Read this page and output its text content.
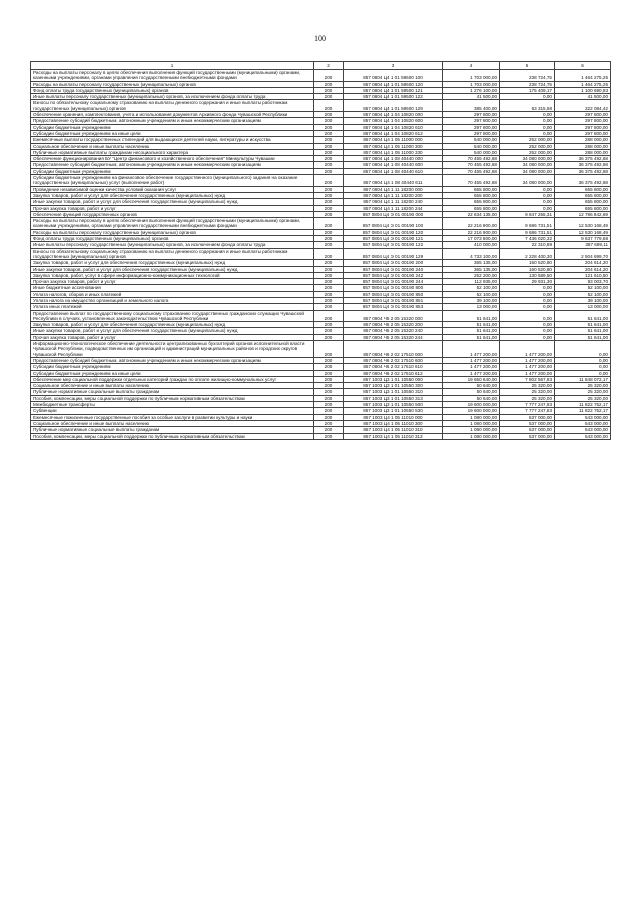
100
1	2	3	4	5	6
Расходы на выплаты персоналу в целях обеспечения выполнения функций государственными (муниципальными) органами, казенными учреждениями, органами управления государственными внебюджетными фондами	200	857 0804 Ц4 1 01 59500 100	1 703 000,00	238 724,75	1 464 275,25
Расходы на выплаты персоналу государственных (муниципальных) органов	200	857 0804 Ц4 1 01 59500 120	1 703 000,00	238 724,75	1 464 275,25
Фонд оплаты труда государственных (муниципальных) органов	200	857 0804 Ц4 1 01 59500 121	1 276 100,00	175 409,17	1 100 690,83
Иные выплаты персоналу государственных (муниципальных) органов, за исключением фонда оплаты труда	200	857 0804 Ц4 1 01 59500 122	41 500,00	0,00	41 500,00
Взносы по обязательному социальному страхованию на выплаты денежного содержания и иные выплаты работникам государственных (муниципальных) органов	200	857 0804 Ц4 1 01 59500 129	385 400,00	63 315,58	322 084,42
Обеспечение хранения, комплектования, учета и использования документов Архивного фонда Чувашской Республики	200	857 0804 Ц4 1 04 10820 000	297 800,00	0,00	297 800,00
Предоставление субсидий бюджетным, автономным учреждениям и иным некоммерческим организациям	200	857 0804 Ц4 1 04 10820 600	297 800,00	0,00	297 800,00
Субсидии бюджетным учреждениям	200	857 0804 Ц4 1 04 10820 610	297 800,00	0,00	297 800,00
Субсидии бюджетным учреждениям на иные цели	200	857 0804 Ц4 1 04 10820 612	297 800,00	0,00	297 800,00
Ежемесячные выплаты государственных стипендий для выдающихся деятелей науки, литературы и искусства	200	857 0804 Ц4 1 05 11000 000	540 000,00	252 000,00	288 000,00
Социальное обеспечение и иные выплаты населению	200	857 0804 Ц4 1 05 11000 300	540 000,00	252 000,00	288 000,00
Публичные нормативные выплаты гражданам несоциального характера	200	857 0804 Ц4 1 05 11000 330	540 000,00	252 000,00	288 000,00
Обеспечение функционирования БУ "Центр финансового и хозяйственного обеспечения" Минкультуры Чувашии	200	857 0804 Ц4 1 08 40440 000	70 455 492,68	34 080 000,00	36 375 492,68
Предоставление субсидий бюджетным, автономным учреждениям и иным некоммерческим организациям	200	857 0804 Ц4 1 08 40440 600	70 455 492,68	34 080 000,00	36 375 492,68
Субсидии бюджетным учреждениям	200	857 0804 Ц4 1 08 40440 610	70 455 492,68	34 080 000,00	36 375 492,68
Субсидии бюджетным учреждениям на финансовое обеспечение государственного (муниципального) задания на оказание государственных (муниципальных) услуг (выполнение работ)	200	857 0804 Ц4 1 08 40440 611	70 455 492,68	34 080 000,00	36 375 492,68
Проведение независимой оценки качества условий оказания услуг	200	857 0804 Ц4 1 11 18200 000	655 800,00	0,00	655 800,00
Закупка товаров, работ и услуг для обеспечения государственных (муниципальных) нужд	200	857 0804 Ц4 1 11 18200 200	655 800,00	0,00	655 800,00
Иные закупки товаров, работ и услуг для обеспечения государственных (муниципальных) нужд	200	857 0804 Ц4 1 11 18200 240	655 800,00	0,00	655 800,00
Прочая закупка товаров, работ и услуг	200	857 0804 Ц4 1 11 18200 244	655 800,00	0,00	655 800,00
Обеспечение функций государственных органов	200	857 0804 Ц4 Э 01 00190 000	22 634 135,00	9 847 255,31	12 786 842,69
Расходы на выплаты персоналу в целях обеспечения выполнения функций государственными (муниципальными) органами, казенными учреждениями, органами управления государственными внебюджетными фондами	200	857 0804 Ц4 Э 01 00190 100	22 216 900,00	9 686 731,51	12 530 168,49
Расходы на выплаты персоналу государственных (муниципальных) органов	200	857 0804 Ц4 Э 01 00190 120	22 216 900,00	9 686 731,51	12 530 168,49
Фонд оплаты труда государственных (муниципальных) органов	200	857 0804 Ц4 Э 01 00190 121	17 073 800,00	7 436 020,32	9 637 779,68
Иные выплаты персоналу государственных (муниципальных) органов, за исключением фонда оплаты труда	200	857 0804 Ц4 Э 01 00190 122	410 000,00	22 310,89	387 689,11
Взносы по обязательному социальному страхованию на выплаты денежного содержания и иные выплаты работникам государственных (муниципальных) органов	200	857 0804 Ц4 Э 01 00190 129	4 733 100,00	2 228 400,30	2 504 699,70
Закупка товаров, работ и услуг для обеспечения государственных (муниципальных) нужд	200	857 0804 Ц4 Э 01 00190 200	365 135,00	160 520,80	204 614,20
Иные закупки товаров, работ и услуг для обеспечения государственных (муниципальных) нужд	200	857 0804 Ц4 Э 01 00190 240	365 135,00	160 520,80	204 614,20
Закупка товаров, работ, услуг в сфере информационно-коммуникационных технологий	200	857 0804 Ц4 Э 01 00190 242	252 200,00	130 589,50	121 610,50
Прочая закупка товаров, работ и услуг	200	857 0804 Ц4 Э 01 00190 244	112 935,00	29 931,30	83 003,70
Иные бюджетные ассигнования	200	857 0804 Ц4 Э 01 00190 800	52 100,00	0,00	52 100,00
Уплата налогов, сборов и иных платежей	200	857 0804 Ц4 Э 01 00190 850	52 100,00	0,00	52 100,00
Уплата налога на имущество организаций и земельного налога	200	857 0804 Ц4 Э 01 00190 851	39 100,00	0,00	39 100,00
Уплата иных платежей	200	857 0804 Ц4 Э 01 00190 853	13 000,00	0,00	13 000,00
Предоставление выплат по государственному социальному страхованию государственных гражданских служащих Чувашской Республики в случаях, установленных законодательством Чувашской Республики	200	857 0804 Ч5 2 05 15320 000	51 641,00	0,00	51 641,00
Закупка товаров, работ и услуг для обеспечения государственных (муниципальных) нужд	200	857 0804 Ч5 2 05 15320 200	51 641,00	0,00	51 641,00
Иные закупки товаров, работ и услуг для обеспечения государственных (муниципальных) нужд	200	857 0804 Ч5 2 05 15320 240	51 641,00	0,00	51 641,00
Прочая закупка товаров, работ и услуг	200	857 0804 Ч5 2 05 15320 244	51 641,00	0,00	51 641,00
Информационно-технологическое обеспечение деятельности централизованных бухгалтерий органов исполнительной власти Чувашской Республики, подведомственных им организаций и администраций муниципальных районов и городских округов Чувашской Республики	200	857 0804 Ч6 2 02 17510 000	1 477 200,00	1 477 200,00	0,00
Предоставление субсидий бюджетным, автономным учреждениям и иным некоммерческим организациям	200	857 0804 Ч6 2 02 17510 600	1 477 200,00	1 477 200,00	0,00
Субсидии бюджетным учреждениям	200	857 0804 Ч6 2 02 17510 610	1 477 200,00	1 477 200,00	0,00
Субсидии бюджетным учреждениям на иные цели	200	857 0804 Ч6 2 02 17510 612	1 477 200,00	1 477 200,00	0,00
Обеспечение мер социальной поддержки отдельных категорий граждан по оплате жилищно-коммунальных услуг	200	857 1003 Ц3 1 01 10550 000	19 650 640,00	7 802 567,83	11 848 072,17
Социальное обеспечение и иные выплаты населению	200	857 1003 Ц3 1 01 10550 300	50 640,00	25 320,00	25 320,00
Публичные нормативные социальные выплаты гражданам	200	857 1003 Ц3 1 01 10550 310	50 640,00	25 320,00	25 320,00
Пособия, компенсации, меры социальной поддержки по публичным нормативным обязательствам	200	857 1003 Ц3 1 01 10550 313	50 640,00	25 320,00	25 320,00
Межбюджетные трансферты	200	857 1003 Ц3 1 01 10550 500	19 600 000,00	7 777 247,83	11 822 752,17
Субвенции	200	857 1003 Ц3 1 01 10550 530	19 600 000,00	7 777 247,83	11 822 752,17
Ежемесячные пожизненные государственные пособия за особые заслуги в развитии культуры и науки	200	857 1003 Ц4 1 05 11010 000	1 080 000,00	537 000,00	543 000,00
Социальное обеспечение и иные выплаты населению	200	857 1003 Ц4 1 05 11010 300	1 080 000,00	537 000,00	543 000,00
Публичные нормативные социальные выплаты гражданам	200	857 1003 Ц4 1 05 11010 310	1 080 000,00	537 000,00	543 000,00
Пособия, компенсации, меры социальной поддержки по публичным нормативным обязательствам	200	857 1003 Ц4 1 05 11010 313	1 080 000,00	537 000,00	543 000,00
